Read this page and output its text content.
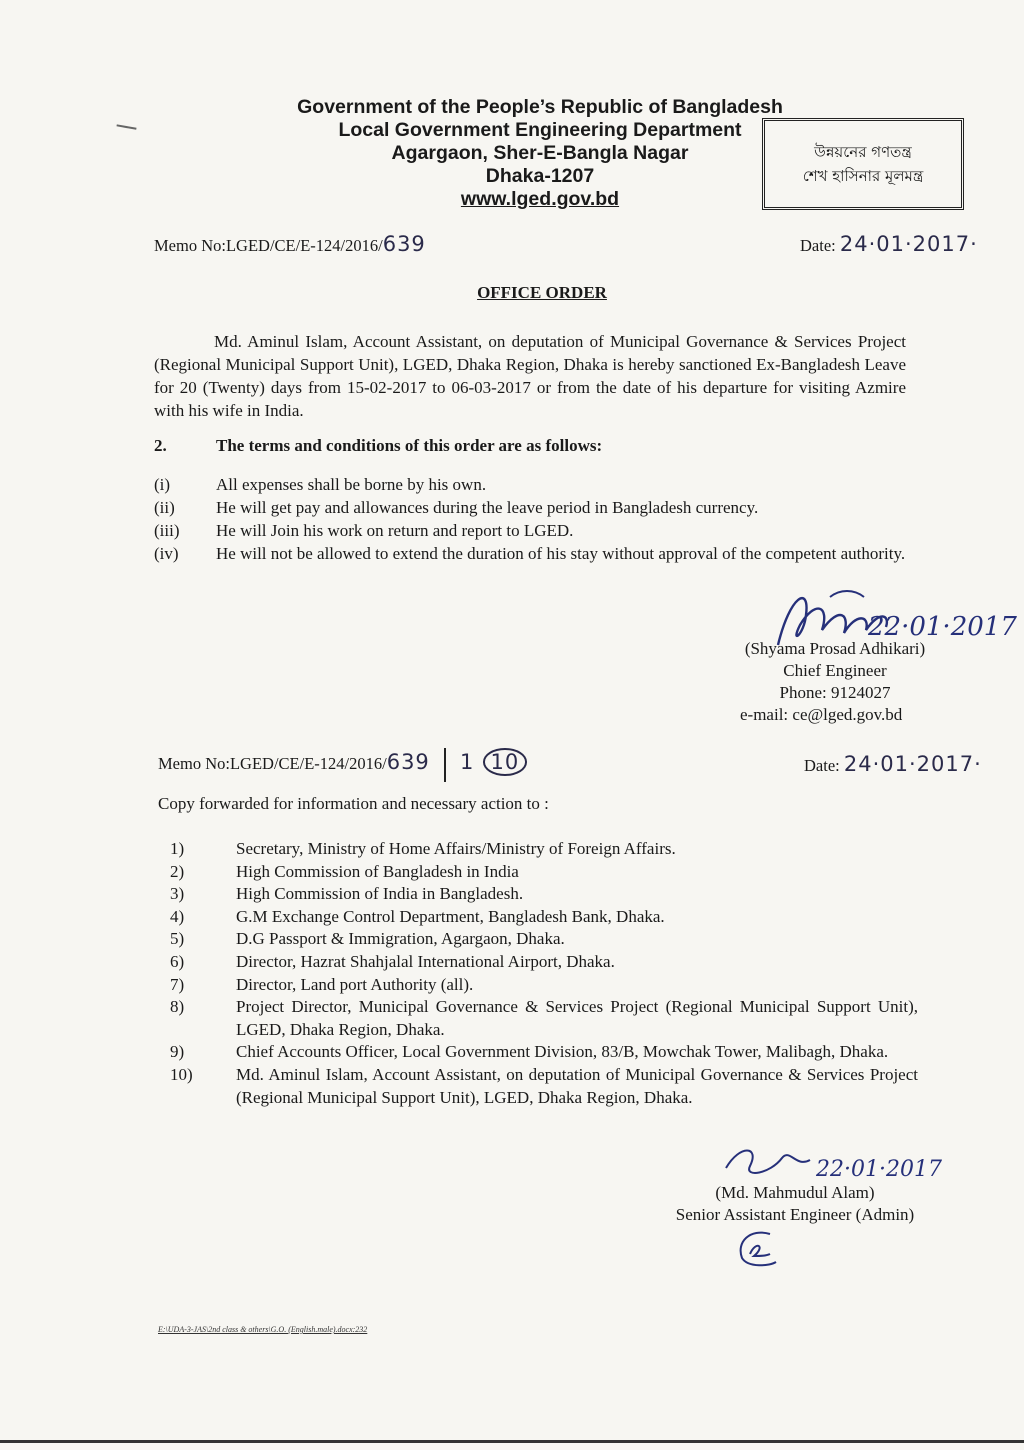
Government of the People’s Republic of Bangladesh
Local Government Engineering Department
Agargaon, Sher-E-Bangla Nagar
Dhaka-1207
www.lged.gov.bd
উন্নয়নের গণতন্ত্র
শেখ হাসিনার মূলমন্ত্র
Memo No:LGED/CE/E-124/2016/639	Date: 24·01·2017·
OFFICE ORDER
Md. Aminul Islam, Account Assistant, on deputation of Municipal Governance & Services Project (Regional Municipal Support Unit), LGED, Dhaka Region, Dhaka is hereby sanctioned Ex-Bangladesh Leave for 20 (Twenty) days from 15-02-2017 to 06-03-2017 or from the date of his departure for visiting Azmire with his wife in India.
2.	The terms and conditions of this order are as follows:
(i)	All expenses shall be borne by his own.
(ii)	He will get pay and allowances during the leave period in Bangladesh currency.
(iii)	He will Join his work on return and report to LGED.
(iv)	He will not be allowed to extend the duration of his stay without approval of the competent authority.
22·01·2017
(Shyama Prosad Adhikari)
Chief Engineer
Phone: 9124027
e-mail: ce@lged.gov.bd
Memo No:LGED/CE/E-124/2016/639 1 10	Date: 24·01·2017·
Copy forwarded for information and necessary action to :
1)	Secretary, Ministry of Home Affairs/Ministry of Foreign Affairs.
2)	High Commission of Bangladesh in India
3)	High Commission of India in Bangladesh.
4)	G.M Exchange Control Department, Bangladesh Bank, Dhaka.
5)	D.G Passport & Immigration, Agargaon, Dhaka.
6)	Director, Hazrat Shahjalal International Airport, Dhaka.
7)	Director, Land port Authority (all).
8)	Project Director, Municipal Governance & Services Project (Regional Municipal Support Unit), LGED, Dhaka Region, Dhaka.
9)	Chief Accounts Officer, Local Government Division, 83/B, Mowchak Tower, Malibagh, Dhaka.
10)	Md. Aminul Islam, Account Assistant, on deputation of Municipal Governance & Services Project (Regional Municipal Support Unit), LGED, Dhaka Region, Dhaka.
22·01·2017
(Md. Mahmudul Alam)
Senior Assistant Engineer (Admin)
E:\UDA-3-JAS\2nd class & others\G.O. (English.male).docx:232
